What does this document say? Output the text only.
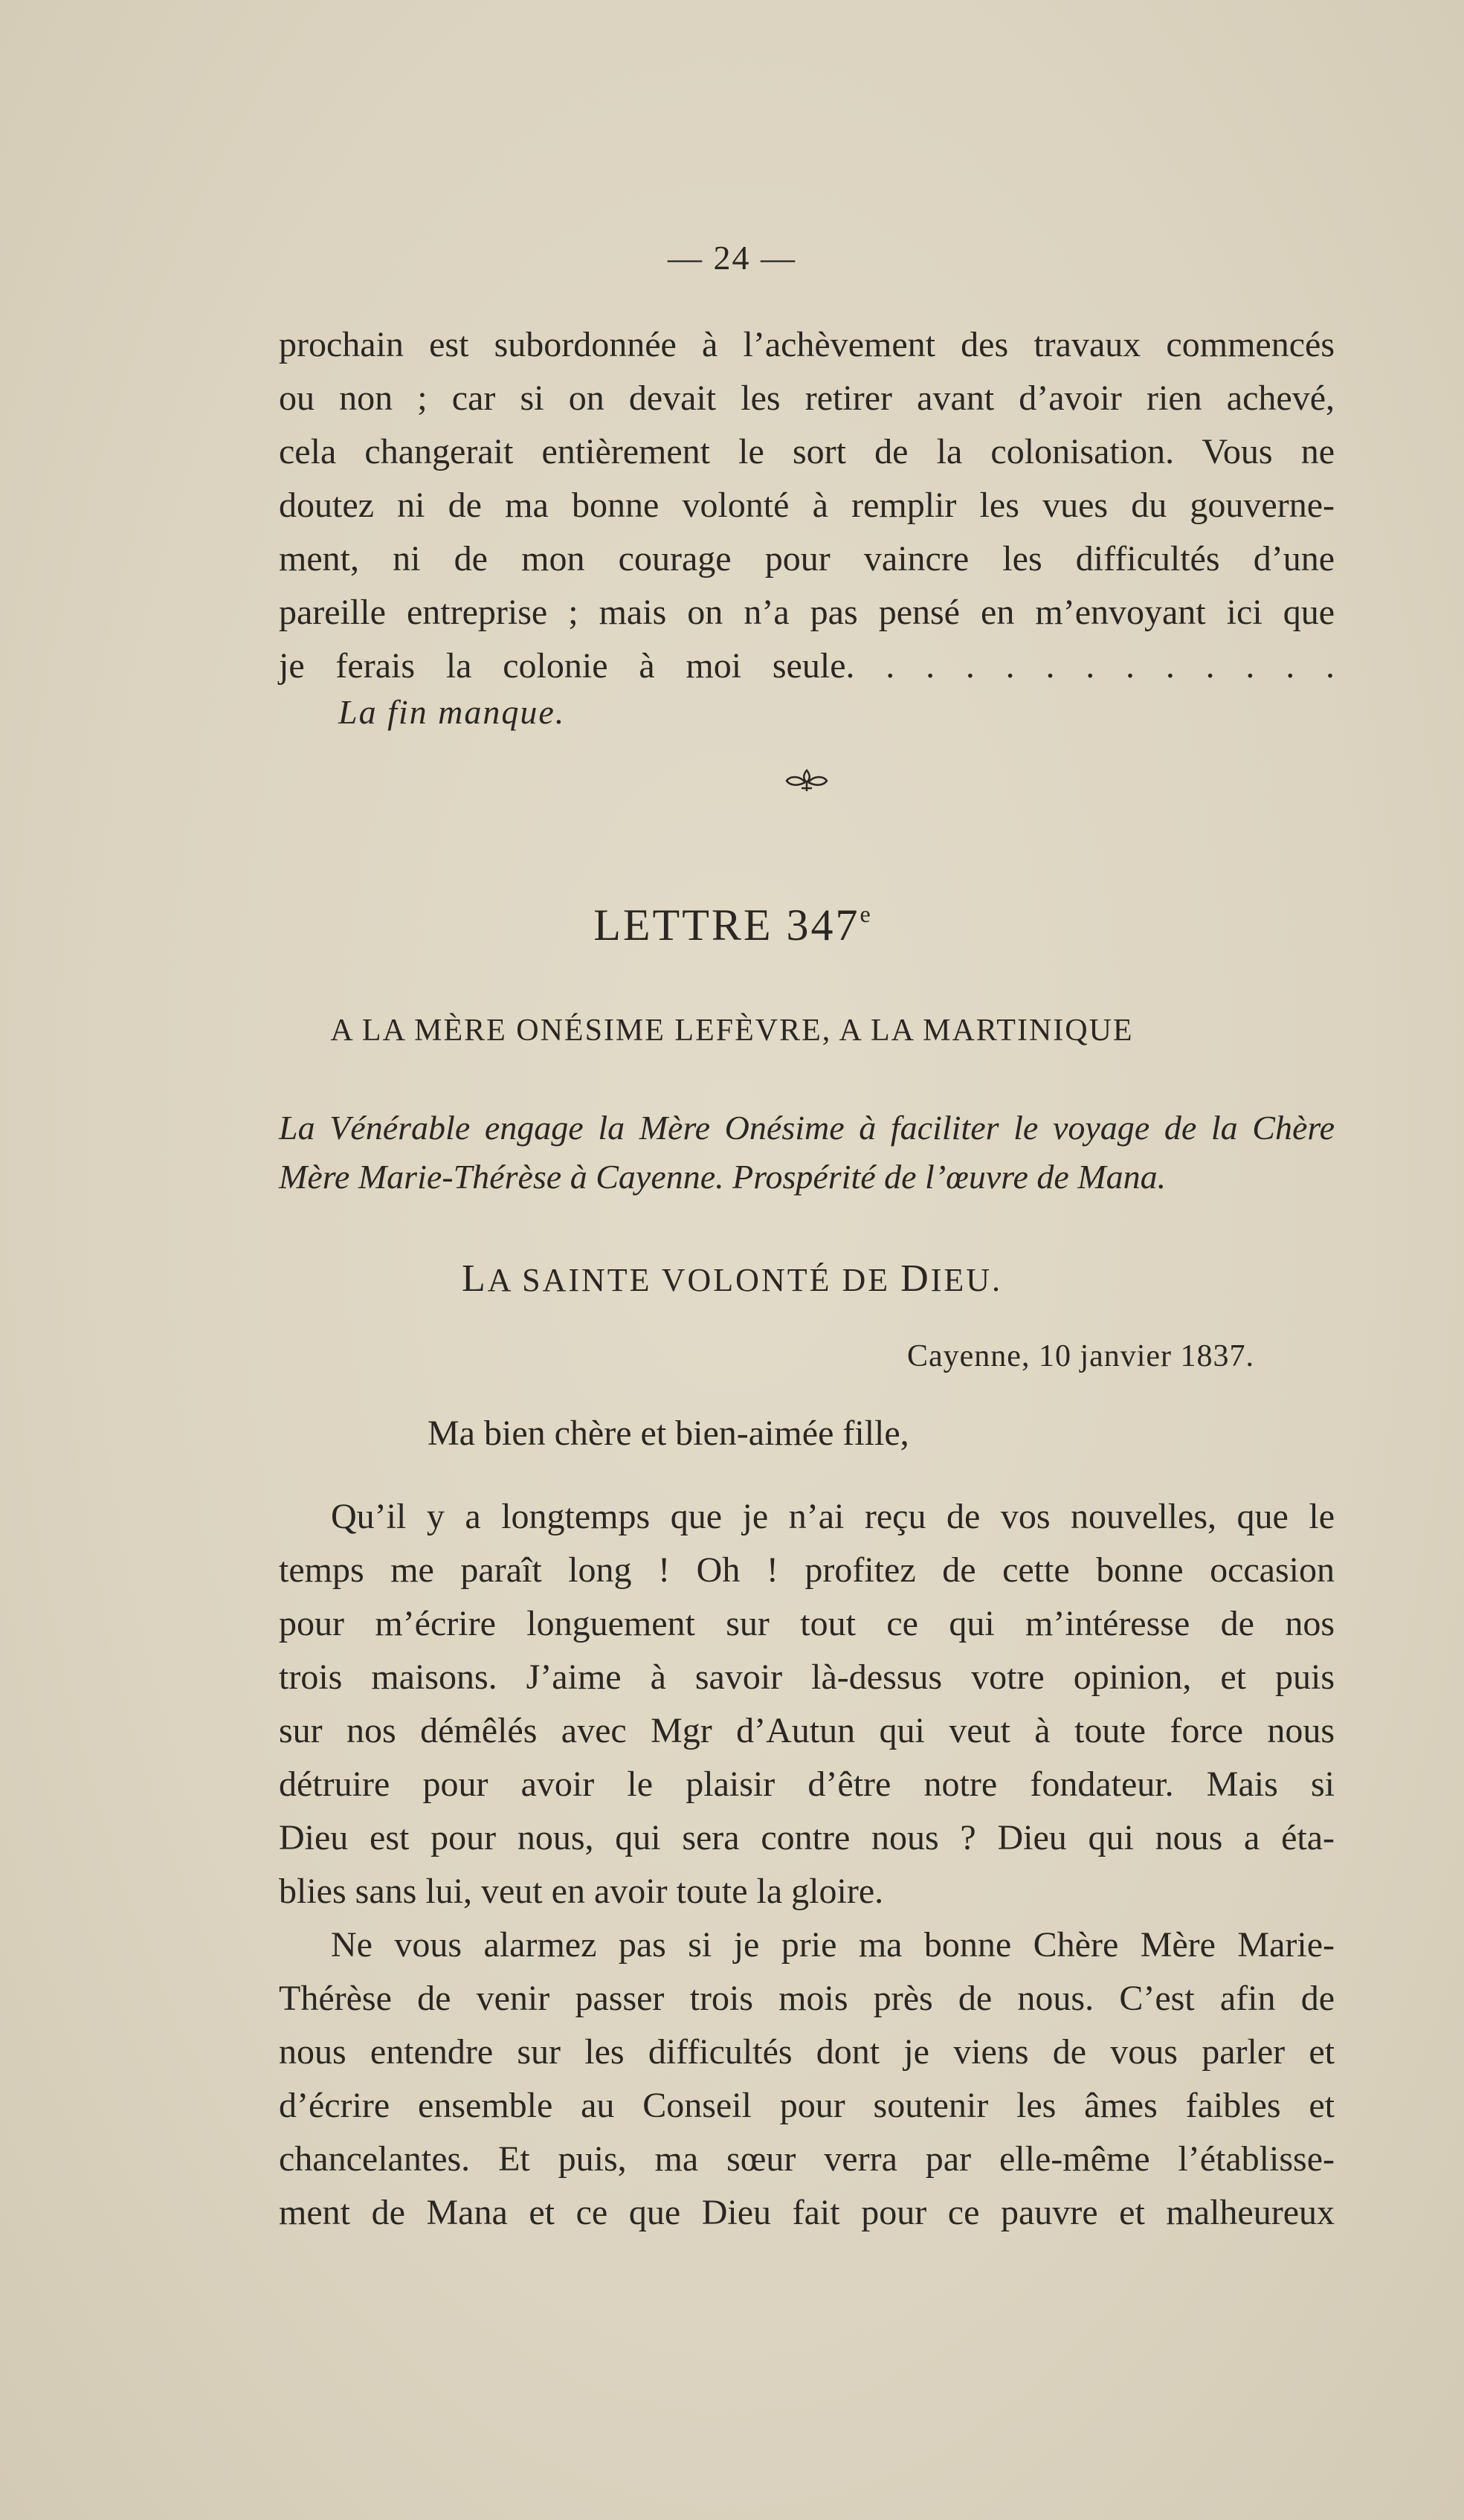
— 24 —
prochain est subordonnée à l’achèvement des travaux commencés
ou non ; car si on devait les retirer avant d’avoir rien achevé,
cela changerait entièrement le sort de la colonisation. Vous ne
doutez ni de ma bonne volonté à remplir les vues du gouverne-
ment, ni de mon courage pour vaincre les difficultés d’une
pareille entreprise ; mais on n’a pas pensé en m’envoyant ici que
je ferais la colonie à moi seule. . . . . . . . . . . . .
La fin manque.
LETTRE 347e
A LA MÈRE ONÉSIME LEFÈVRE, A LA MARTINIQUE
La Vénérable engage la Mère Onésime à faciliter le voyage de la Chère
Mère Marie-Thérèse à Cayenne. Prospérité de l’œuvre de Mana.
LA SAINTE VOLONTÉ DE DIEU.
Cayenne, 10 janvier 1837.
Ma bien chère et bien-aimée fille,
Qu’il y a longtemps que je n’ai reçu de vos nouvelles, que le
temps me paraît long ! Oh ! profitez de cette bonne occasion
pour m’écrire longuement sur tout ce qui m’intéresse de nos
trois maisons. J’aime à savoir là-dessus votre opinion, et puis
sur nos démêlés avec Mgr d’Autun qui veut à toute force nous
détruire pour avoir le plaisir d’être notre fondateur. Mais si
Dieu est pour nous, qui sera contre nous ? Dieu qui nous a éta-
blies sans lui, veut en avoir toute la gloire.
Ne vous alarmez pas si je prie ma bonne Chère Mère Marie-
Thérèse de venir passer trois mois près de nous. C’est afin de
nous entendre sur les difficultés dont je viens de vous parler et
d’écrire ensemble au Conseil pour soutenir les âmes faibles et
chancelantes. Et puis, ma sœur verra par elle-même l’établisse-
ment de Mana et ce que Dieu fait pour ce pauvre et malheureux
